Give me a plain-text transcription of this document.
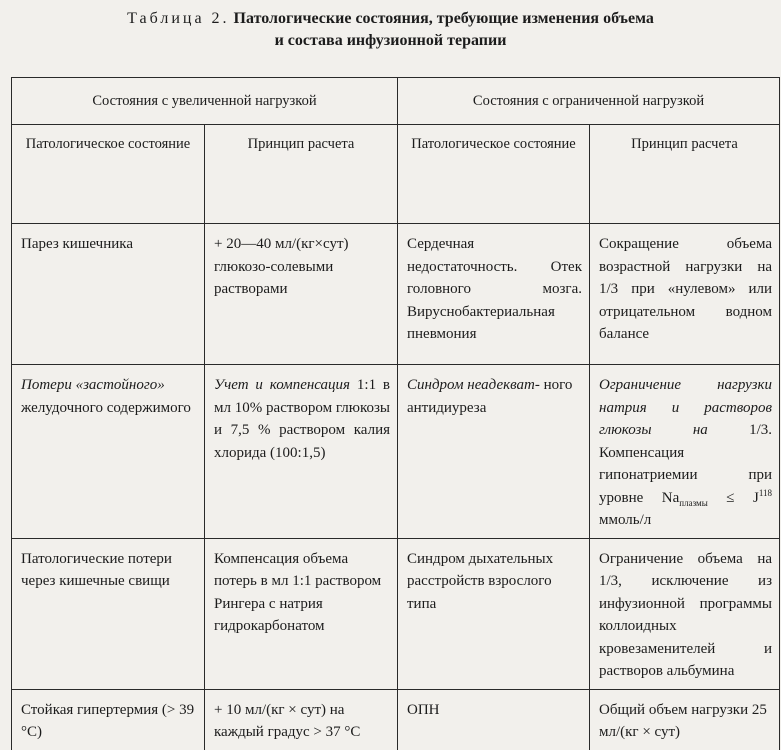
Таблица 2. Патологические состояния, требующие изменения объема
и состава инфузионной терапии
Состояния с увеличенной нагрузкой		Состояния с ограниченной нагрузкой	
Патологическое состояние	Принцип расчета	Патологическое состояние	Принцип расчета
Парез кишечника	+ 20—40 мл/(кг×сут) глюкозо-солевыми растворами	Сердечная недостаточность. Отек головного мозга. Вируснобактериальная пневмония	Сокращение объема возрастной нагрузки на 1/3 при «нулевом» или отрицательном водном балансе
Потери «застойного» желудочного содержимого	Учет и компенсация 1:1 в мл 10% раствором глюкозы и 7,5 % раствором калия хлорида (100:1,5)	Синдром неадекват- ного антидиуреза	Ограничение нагрузки натрия и растворов глюкозы на 1/3. Компенсация гипонатриемии при уровне $Na_{плазмы} \le J^{118}$ ммоль/л
Патологические потери через кишечные свищи	Компенсация объема потерь в мл 1:1 раствором Рингера с натрия гидрокарбонатом	Синдром дыхательных расстройств взрослого типа	Ограничение объема на 1/3, исключение из инфузионной программы коллоидных кровезаменителей и растворов альбумина
Стойкая гипертермия (> 39 °С)	+ 10 мл/(кг × сут) на каждый градус > 37 °С	ОПН	Общий объем нагрузки 25 мл/(кг × сут)
